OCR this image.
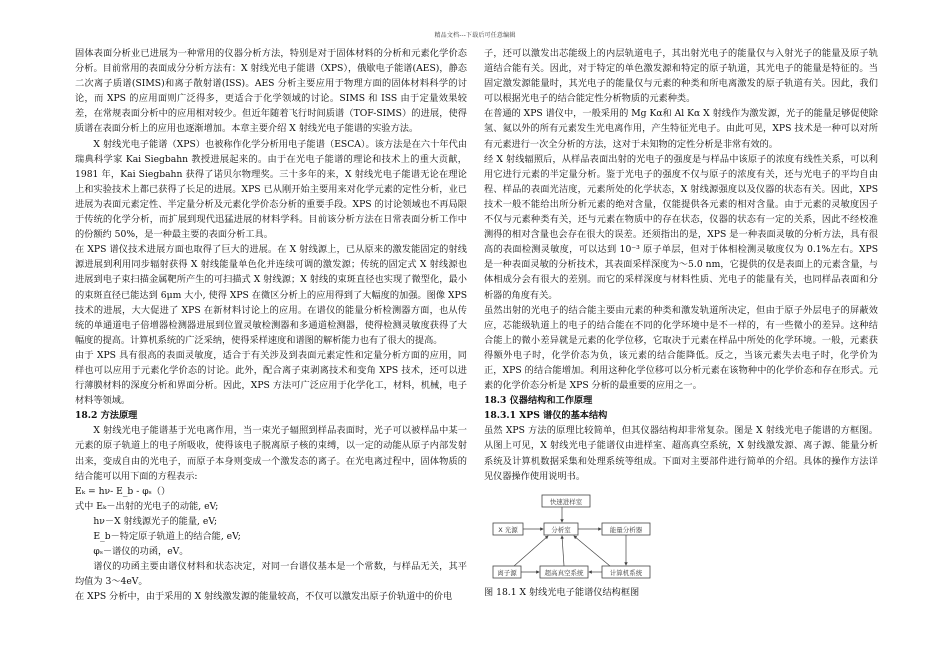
精品文档---下载后可任意编辑

固体表面分析业已进展为一种常用的仪器分析方法，特别是对于固体材料的分析和元素化学价态分析。目前常用的表面成分分析方法有：X 射线光电子能谱（XPS），俄歇电子能谱(AES)，静态二次离子质谱(SIMS)和离子散射谱(ISS)。AES 分析主要应用于物理方面的固体材料科学的讨论，而 XPS 的应用面则广泛得多，更适合于化学领域的讨论。SIMS 和 ISS 由于定量效果较差，在常规表面分析中的应用相对较少。但近年随着飞行时间质谱（TOF-SIMS）的进展，使得质谱在表面分析上的应用也逐渐增加。本章主要介绍 X 射线光电子能谱的实验方法。

X 射线光电子能谱（XPS）也被称作化学分析用电子能谱（ESCA）。该方法是在六十年代由瑞典科学家 Kai Siegbahn 教授进展起来的。由于在光电子能谱的理论和技术上的重大贡献，1981 年，Kai Siegbahn 获得了诺贝尔物理奖。三十多年的来，X 射线光电子能谱无论在理论上和实验技术上都已获得了长足的进展。XPS 已从刚开始主要用来对化学元素的定性分析，业已进展为表面元素定性、半定量分析及元素化学价态分析的重要手段。XPS 的讨论领域也不再局限于传统的化学分析，而扩展到现代迅猛进展的材料学科。目前该分析方法在日常表面分析工作中的份额约 50%，是一种最主要的表面分析工具。

在 XPS 谱仪技术进展方面也取得了巨大的进展。在 X 射线源上，已从原来的激发能固定的射线源进展到利用同步辐射获得 X 射线能量单色化并连续可调的激发源；传统的固定式 X 射线源也进展到电子束扫描金属靶所产生的可扫描式 X 射线源；X 射线的束斑直径也实现了微型化，最小的束斑直径已能达到 6μm 大小, 使得 XPS 在微区分析上的应用得到了大幅度的加强。图像 XPS 技术的进展，大大促进了 XPS 在新材料讨论上的应用。在谱仪的能量分析检测器方面，也从传统的单通道电子倍增器检测器进展到位置灵敏检测器和多通道检测器，使得检测灵敏度获得了大幅度的提高。计算机系统的广泛采纳，使得采样速度和谱图的解析能力也有了很大的提高。

由于 XPS 具有很高的表面灵敏度，适合于有关涉及到表面元素定性和定量分析方面的应用，同样也可以应用于元素化学价态的讨论。此外，配合离子束剥离技术和变角 XPS 技术，还可以进行薄膜材料的深度分析和界面分析。因此，XPS 方法可广泛应用于化学化工，材料，机械，电子材料等领域。

18.2 方法原理

X 射线光电子能谱基于光电离作用，当一束光子辐照到样品表面时，光子可以被样品中某一元素的原子轨道上的电子所吸收，使得该电子脱离原子核的束缚，以一定的动能从原子内部发射出来，变成自由的光电子，而原子本身则变成一个激发态的离子。在光电离过程中，固体物质的结合能可以用下面的方程表示:

Eₖ = hν- E_b - φₛ（）

式中 Eₖ－出射的光电子的动能, eV;

hν－X 射线源光子的能量, eV;

E_b－特定原子轨道上的结合能, eV;

φₛ－谱仪的功函，eV。

谱仪的功函主要由谱仪材料和状态决定，对同一台谱仪基本是一个常数，与样品无关，其平均值为 3～4eV。

在 XPS 分析中，由于采用的 X 射线激发源的能量较高，不仅可以激发出原子价轨道中的价电

子，还可以激发出芯能级上的内层轨道电子，其出射光电子的能量仅与入射光子的能量及原子轨道结合能有关。因此，对于特定的单色激发源和特定的原子轨道，其光电子的能量是特征的。当固定激发源能量时，其光电子的能量仅与元素的种类和所电离激发的原子轨道有关。因此，我们可以根据光电子的结合能定性分析物质的元素种类。

在普通的 XPS 谱仪中，一般采用的 Mg Kα和 Al Kα X 射线作为激发源，光子的能量足够促使除氢、氦以外的所有元素发生光电离作用，产生特征光电子。由此可见，XPS 技术是一种可以对所有元素进行一次全分析的方法，这对于未知物的定性分析是非常有效的。

经 X 射线辐照后，从样品表面出射的光电子的强度是与样品中该原子的浓度有线性关系，可以利用它进行元素的半定量分析。鉴于光电子的强度不仅与原子的浓度有关，还与光电子的平均自由程、样品的表面光洁度，元素所处的化学状态，X 射线源强度以及仪器的状态有关。因此，XPS 技术一般不能给出所分析元素的绝对含量，仅能提供各元素的相对含量。由于元素的灵敏度因子不仅与元素种类有关，还与元素在物质中的存在状态，仪器的状态有一定的关系，因此不经校准测得的相对含量也会存在很大的误差。还须指出的是，XPS 是一种表面灵敏的分析方法，具有很高的表面检测灵敏度，可以达到 10⁻³ 原子单层，但对于体相检测灵敏度仅为 0.1%左右。XPS 是一种表面灵敏的分析技术，其表面采样深度为～5.0 nm，它提供的仅是表面上的元素含量，与体相成分会有很大的差别。而它的采样深度与材料性质、光电子的能量有关，也同样品表面和分析器的角度有关。

虽然出射的光电子的结合能主要由元素的种类和激发轨道所决定，但由于原子外层电子的屏蔽效应，芯能级轨道上的电子的结合能在不同的化学环境中是不一样的，有一些微小的差异。这种结合能上的微小差异就是元素的化学位移，它取决于元素在样品中所处的化学环境。一般，元素获得额外电子时，化学价态为负，该元素的结合能降低。反之，当该元素失去电子时，化学价为正，XPS 的结合能增加。利用这种化学位移可以分析元素在该物种中的化学价态和存在形式。元素的化学价态分析是 XPS 分析的最重要的应用之一。

18.3 仪器结构和工作原理

18.3.1 XPS 谱仪的基本结构

虽然 XPS 方法的原理比较简单，但其仪器结构却非常复杂。图是 X 射线光电子能谱的方框图。从图上可见，X 射线光电子能谱仪由进样室、超高真空系统，X 射线激发源、离子源、能量分析系统及计算机数据采集和处理系统等组成。下面对主要部件进行简单的介绍。具体的操作方法详见仪器操作使用说明书。

快速进样室
X 光源	分析室	能量分析器
离子源	超高真空系统	计算机系统

图 18.1 X 射线光电子能谱仪结构框图
